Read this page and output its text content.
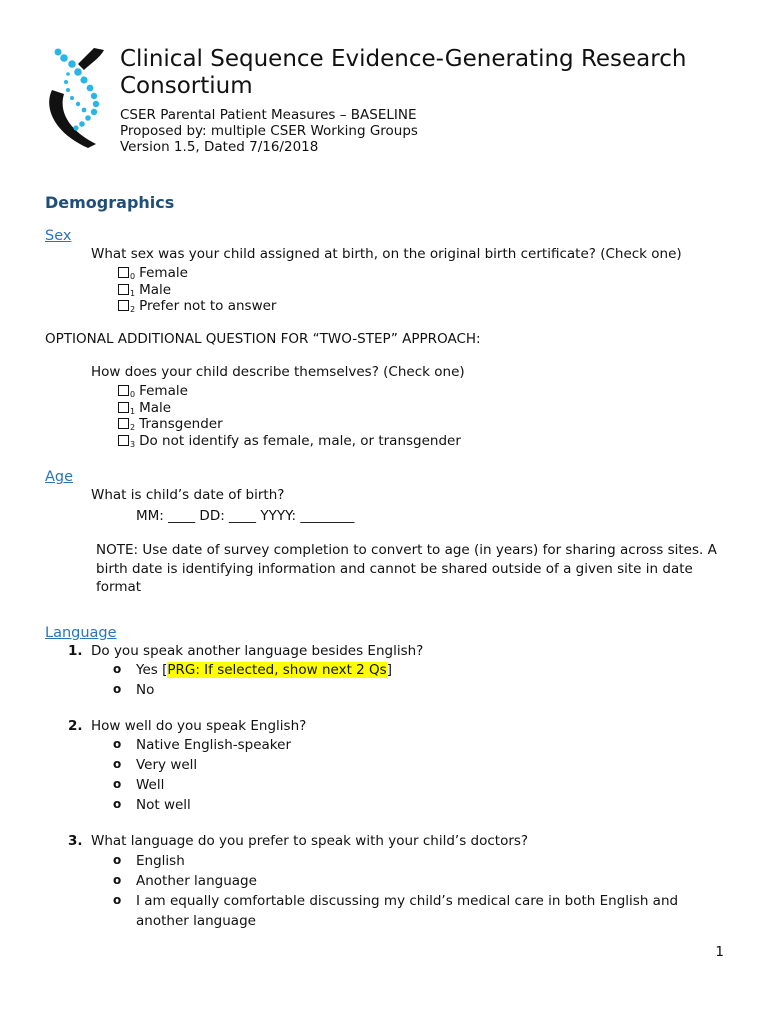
Clinical Sequence Evidence-Generating Research Consortium
CSER Parental Patient Measures – BASELINE
Proposed by: multiple CSER Working Groups
Version 1.5, Dated 7/16/2018
Demographics
Sex
What sex was your child assigned at birth, on the original birth certificate? (Check one)
0 Female
1 Male
2 Prefer not to answer
OPTIONAL ADDITIONAL QUESTION FOR “TWO-STEP” APPROACH:
How does your child describe themselves? (Check one)
0 Female
1 Male
2 Transgender
3 Do not identify as female, male, or transgender
Age
What is child’s date of birth?
MM: ____ DD: ____ YYYY: ________
NOTE: Use date of survey completion to convert to age (in years) for sharing across sites. A birth date is identifying information and cannot be shared outside of a given site in date format
Language
1. Do you speak another language besides English?
o Yes [PRG: If selected, show next 2 Qs]
o No
2. How well do you speak English?
o Native English-speaker
o Very well
o Well
o Not well
3. What language do you prefer to speak with your child’s doctors?
o English
o Another language
o I am equally comfortable discussing my child’s medical care in both English and
another language
1
